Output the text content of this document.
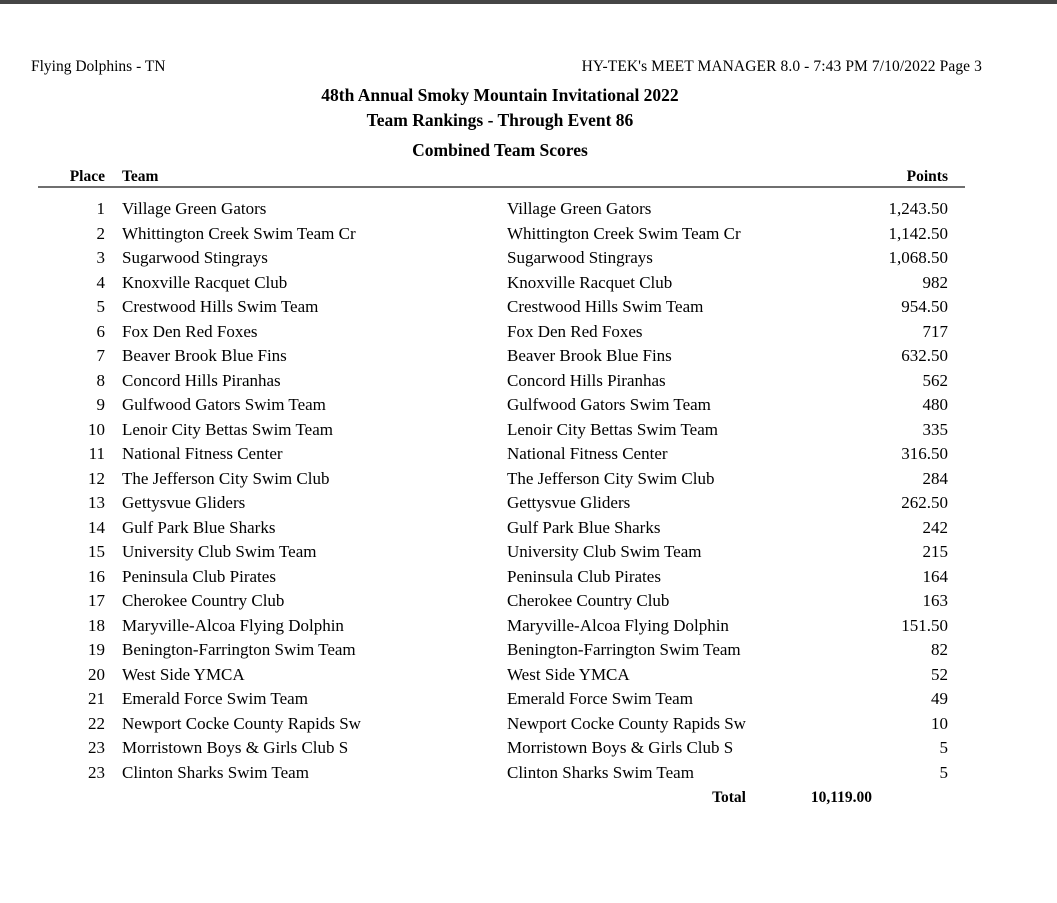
Flying Dolphins - TN	HY-TEK's MEET MANAGER 8.0 - 7:43 PM 7/10/2022 Page 3
48th Annual Smoky Mountain Invitational 2022
Team Rankings - Through Event 86
Combined Team Scores
Place Team	Points
1 Village Green Gators	Village Green Gators	1,243.50
2 Whittington Creek Swim Team Cr	Whittington Creek Swim Team Cr	1,142.50
3 Sugarwood Stingrays	Sugarwood Stingrays	1,068.50
4 Knoxville Racquet Club	Knoxville Racquet Club	982
5 Crestwood Hills Swim Team	Crestwood Hills Swim Team	954.50
6 Fox Den Red Foxes	Fox Den Red Foxes	717
7 Beaver Brook Blue Fins	Beaver Brook Blue Fins	632.50
8 Concord Hills Piranhas	Concord Hills Piranhas	562
9 Gulfwood Gators Swim Team	Gulfwood Gators Swim Team	480
10 Lenoir City Bettas Swim Team	Lenoir City Bettas Swim Team	335
11 National Fitness Center	National Fitness Center	316.50
12 The Jefferson City Swim Club	The Jefferson City Swim Club	284
13 Gettysvue Gliders	Gettysvue Gliders	262.50
14 Gulf Park Blue Sharks	Gulf Park Blue Sharks	242
15 University Club Swim Team	University Club Swim Team	215
16 Peninsula Club Pirates	Peninsula Club Pirates	164
17 Cherokee Country Club	Cherokee Country Club	163
18 Maryville-Alcoa Flying Dolphin	Maryville-Alcoa Flying Dolphin	151.50
19 Benington-Farrington Swim Team	Benington-Farrington Swim Team	82
20 West Side YMCA	West Side YMCA	52
21 Emerald Force Swim Team	Emerald Force Swim Team	49
22 Newport Cocke County Rapids Sw	Newport Cocke County Rapids Sw	10
23 Morristown Boys & Girls Club S	Morristown Boys & Girls Club S	5
23 Clinton Sharks Swim Team	Clinton Sharks Swim Team	5
Total	10,119.00
